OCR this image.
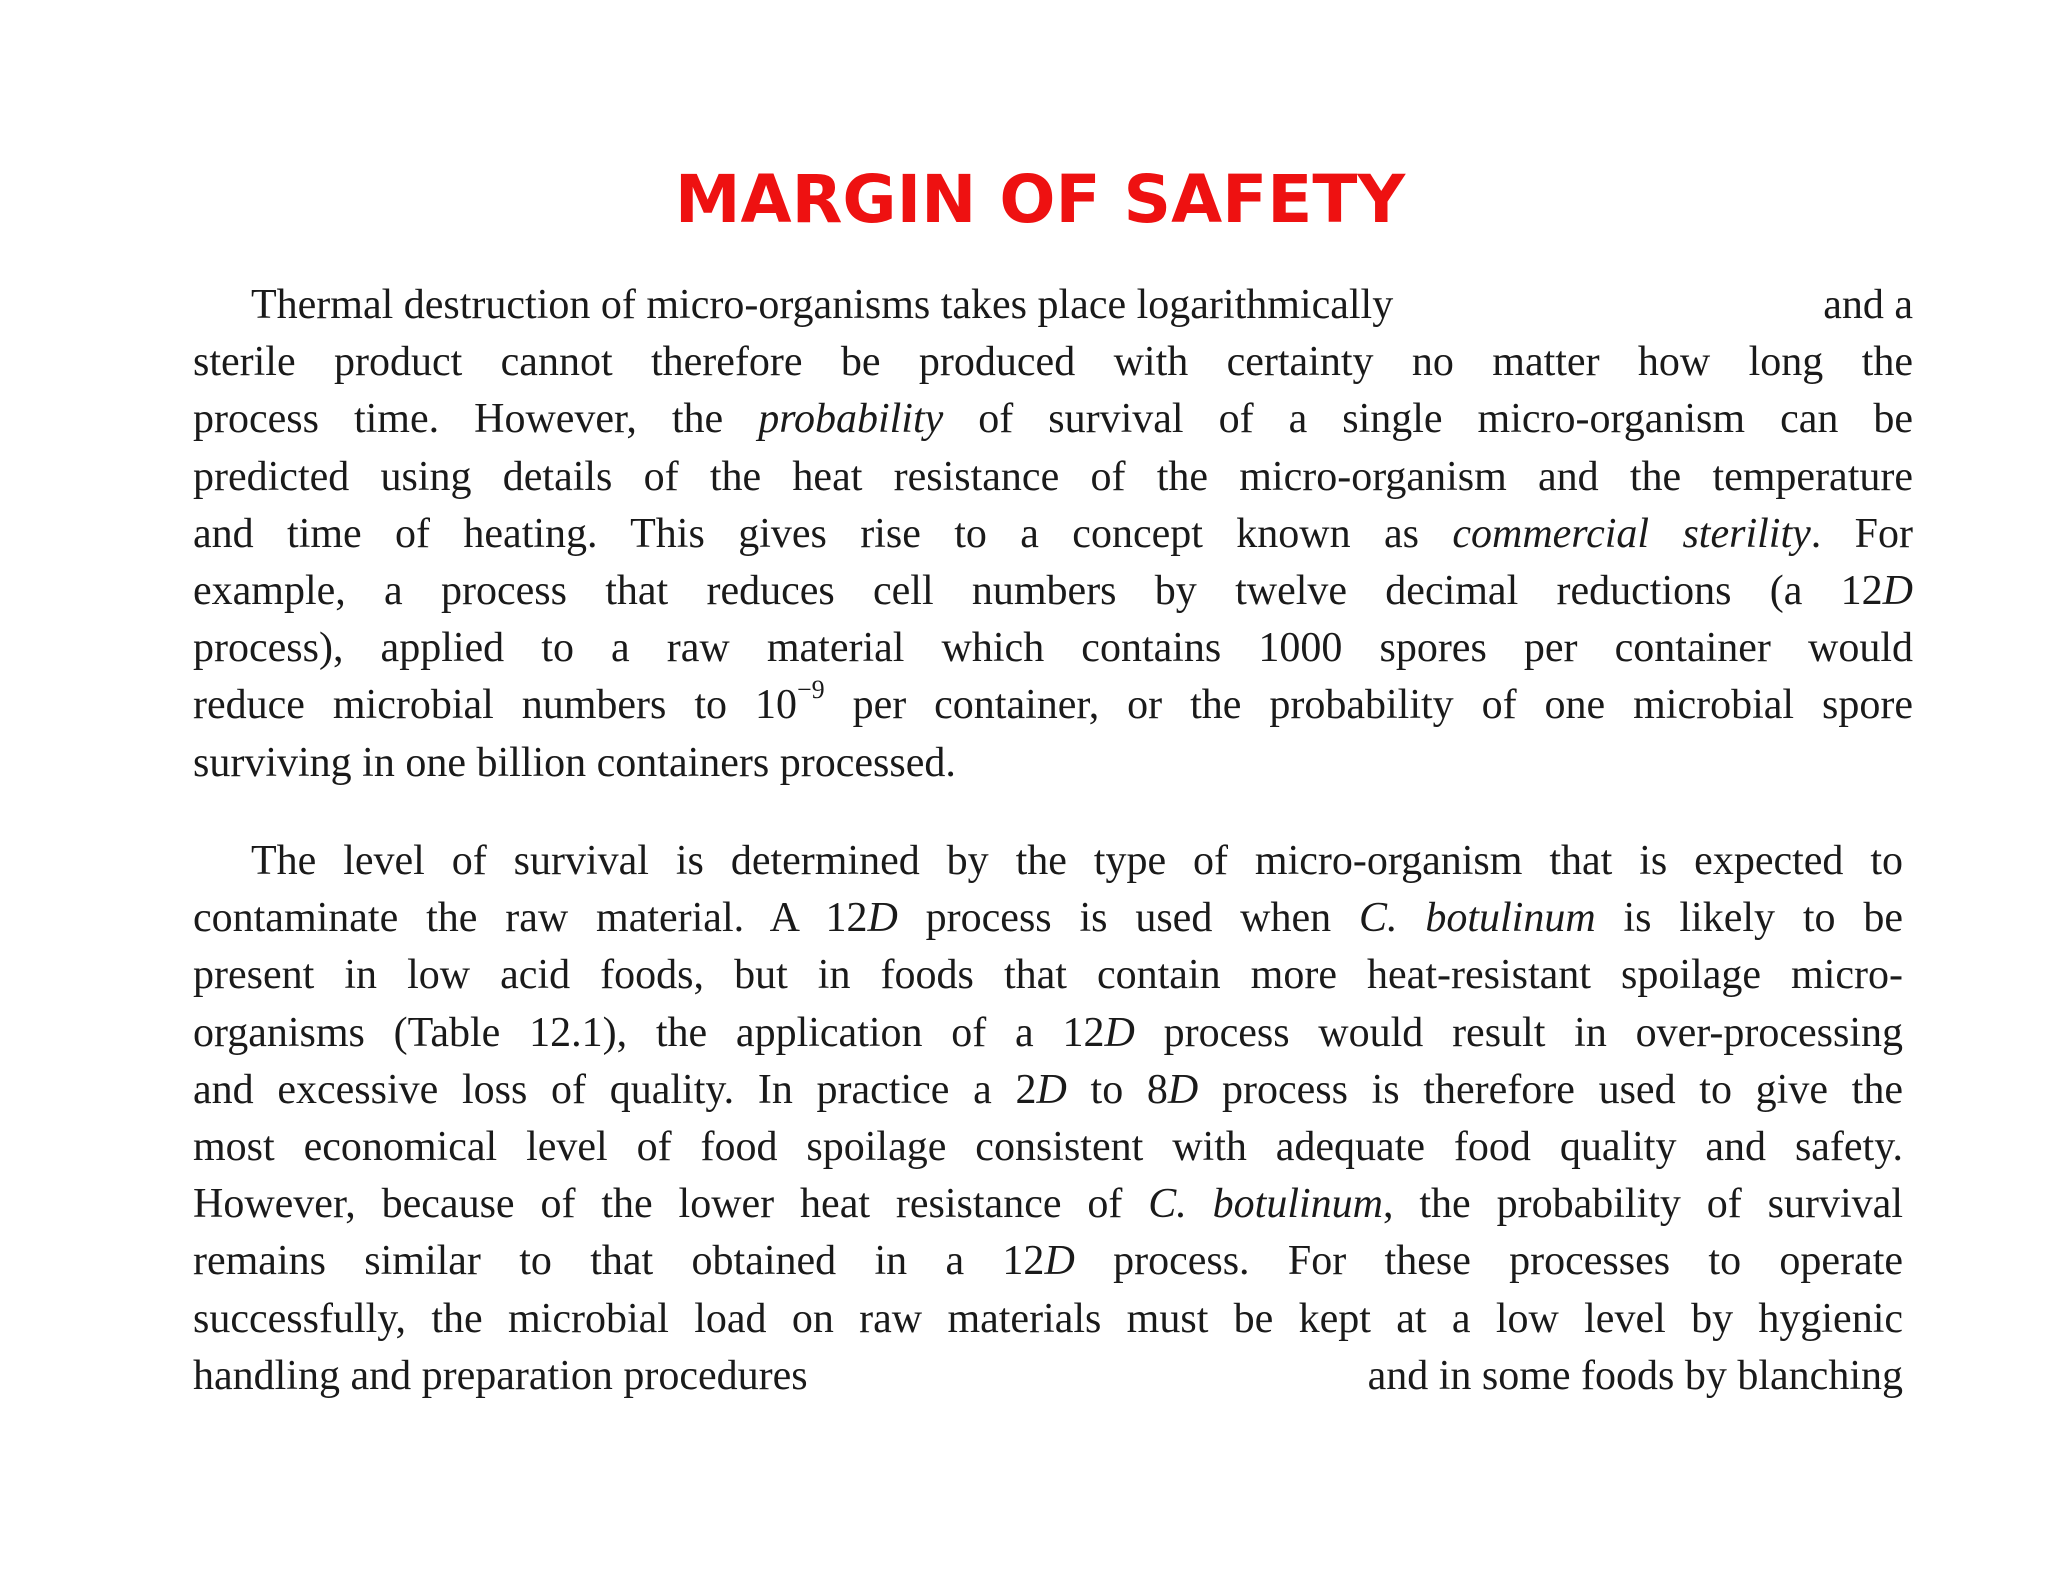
MARGIN OF SAFETY
Thermal destruction of micro-organisms takes place logarithmically	and a
sterile product cannot therefore be produced with certainty no matter how long the
process time. However, the probability of survival of a single micro-organism can be
predicted using details of the heat resistance of the micro-organism and the temperature
and time of heating. This gives rise to a concept known as commercial sterility. For
example, a process that reduces cell numbers by twelve decimal reductions (a 12D
process), applied to a raw material which contains 1000 spores per container would
reduce microbial numbers to $10^{-9}$ per container, or the probability of one microbial spore
surviving in one billion containers processed.
The level of survival is determined by the type of micro-organism that is expected to
contaminate the raw material. A 12D process is used when C. botulinum is likely to be
present in low acid foods, but in foods that contain more heat-resistant spoilage micro-
organisms (Table 12.1), the application of a 12D process would result in over-processing
and excessive loss of quality. In practice a 2D to 8D process is therefore used to give the
most economical level of food spoilage consistent with adequate food quality and safety.
However, because of the lower heat resistance of C. botulinum, the probability of survival
remains similar to that obtained in a 12D process. For these processes to operate
successfully, the microbial load on raw materials must be kept at a low level by hygienic
handling and preparation procedures	and in some foods by blanching
